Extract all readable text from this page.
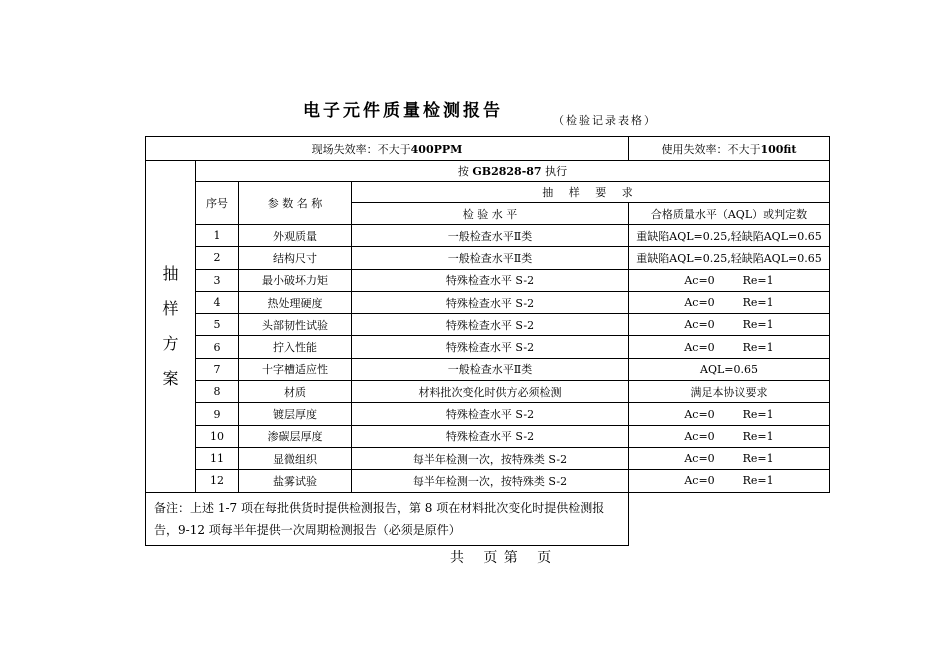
电子元件质量检测报告	（检验记录表格）
现场失效率：不大于400PPM				使用失效率：不大于100fit

抽
样
方
案	按 GB2828-87 执行			
	序号	参 数 名 称	抽 样 要 求	
			检 验 水 平	合格质量水平（AQL）或判定数
	1	外观质量	一般检查水平Ⅱ类	重缺陷AQL=0.25,轻缺陷AQL=0.65
	2	结构尺寸	一般检查水平Ⅱ类	重缺陷AQL=0.25,轻缺陷AQL=0.65
	3	最小破坏力矩	特殊检查水平 S-2	Ac=0        Re=1
	4	热处理硬度	特殊检查水平 S-2	Ac=0        Re=1
	5	头部韧性试验	特殊检查水平 S-2	Ac=0        Re=1
	6	拧入性能	特殊检查水平 S-2	Ac=0        Re=1
	7	十字槽适应性	一般检查水平Ⅱ类	AQL=0.65
	8	材质	材料批次变化时供方必须检测	满足本协议要求
	9	镀层厚度	特殊检查水平 S-2	Ac=0        Re=1
	10	渗碳层厚度	特殊检查水平 S-2	Ac=0        Re=1
	11	显微组织	每半年检测一次，按特殊类 S-2	Ac=0        Re=1
	12	盐雾试验	每半年检测一次，按特殊类 S-2	Ac=0        Re=1
备注：上述 1-7 项在每批供货时提供检测报告，第 8 项在材料批次变化时提供检测报告，9-12 项每半年提供一次周期检测报告（必须是原件）				
共   页 第   页
